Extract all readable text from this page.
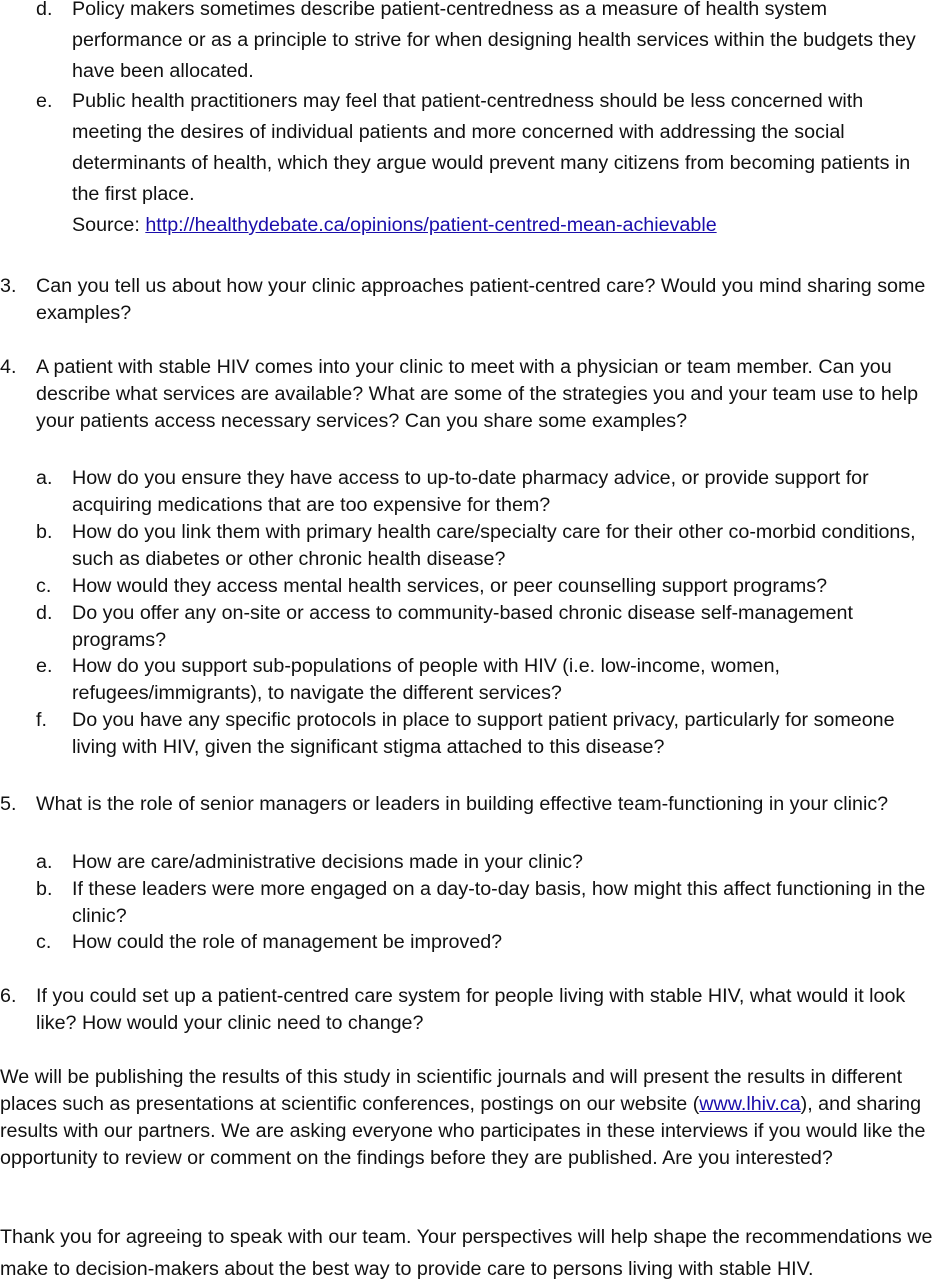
d. Policy makers sometimes describe patient-centredness as a measure of health system performance or as a principle to strive for when designing health services within the budgets they have been allocated.
e. Public health practitioners may feel that patient-centredness should be less concerned with meeting the desires of individual patients and more concerned with addressing the social determinants of health, which they argue would prevent many citizens from becoming patients in the first place.
Source: http://healthydebate.ca/opinions/patient-centred-mean-achievable
3. Can you tell us about how your clinic approaches patient-centred care? Would you mind sharing some examples?
4. A patient with stable HIV comes into your clinic to meet with a physician or team member. Can you describe what services are available? What are some of the strategies you and your team use to help your patients access necessary services? Can you share some examples?
a. How do you ensure they have access to up-to-date pharmacy advice, or provide support for acquiring medications that are too expensive for them?
b. How do you link them with primary health care/specialty care for their other co-morbid conditions, such as diabetes or other chronic health disease?
c.	How would they access mental health services, or peer counselling support programs?
d. Do you offer any on-site or access to community-based chronic disease self-management programs?
e. How do you support sub-populations of people with HIV (i.e. low-income, women, refugees/immigrants), to navigate the different services?
f.	Do you have any specific protocols in place to support patient privacy, particularly for someone living with HIV, given the significant stigma attached to this disease?
5. What is the role of senior managers or leaders in building effective team-functioning in your clinic?
a. How are care/administrative decisions made in your clinic?
b. If these leaders were more engaged on a day-to-day basis, how might this affect functioning in the clinic?
c.	How could the role of management be improved?
6. If you could set up a patient-centred care system for people living with stable HIV, what would it look like? How would your clinic need to change?
We will be publishing the results of this study in scientific journals and will present the results in different places such as presentations at scientific conferences, postings on our website (www.lhiv.ca), and sharing results with our partners. We are asking everyone who participates in these interviews if you would like the opportunity to review or comment on the findings before they are published. Are you interested?
Thank you for agreeing to speak with our team. Your perspectives will help shape the recommendations we make to decision-makers about the best way to provide care to persons living with stable HIV.
